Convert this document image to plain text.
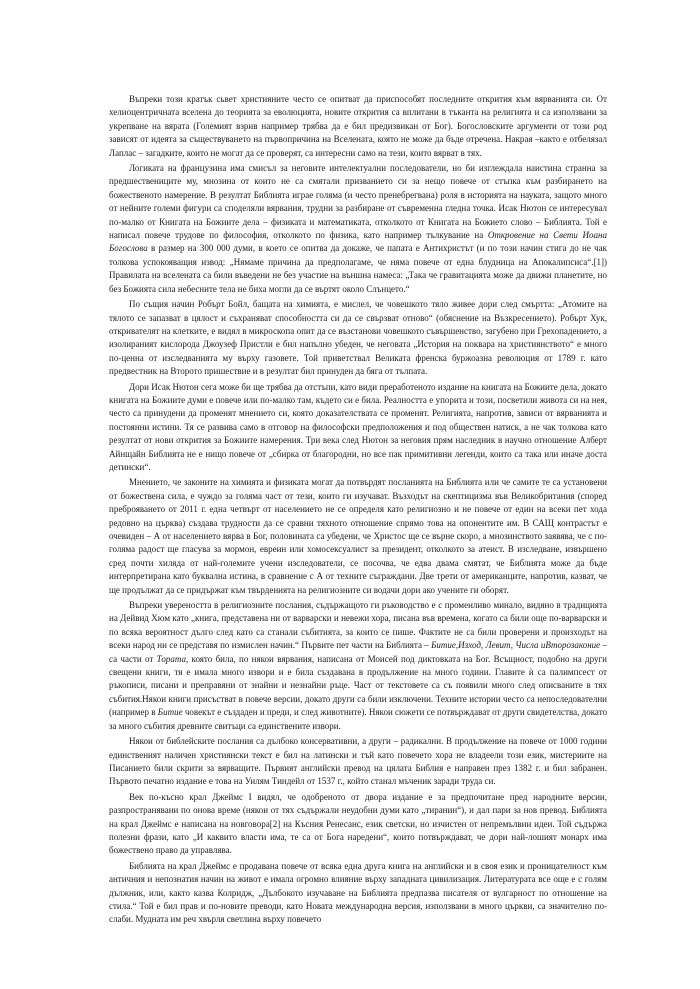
Въпреки този кратък сьвет християните често се опитват да приспособят последните открития към вярванията си. От хелиоцентричната вселена до теорията за еволюцията, новите открития са вплитани в тъканта на религията и са използвани за укрепване на вярата (Големият взрив например трябва да е бил предизвикан от Бог). Богословските аргументи от този род зависят от идеята за съществуването на първопричина на Вселената, която не може да бъде отречена. Накрая –както е отбелязал Лаплас – загадките, които не могат да се проверят, са интересни само на тези, които вярват в тях.

Логиката на французина има смисъл за неговите интелектуални последователи, но би изглеждала наистина странна за предшествениците му, мнозина от които не са смятали призванието си за нещо повече от стъпка към разбирането на божественото намерение. В резултат Библията играе голяма (и често пренебрегвана) роля в историята на науката, защото много от нейните големи фигури са споделяли вярвания, трудни за разбиране от съвременна гледна точка. Исак Нютон се интересувал по-малко от Книгата на Божиите дела – физиката и математиката, отколкото от Книгата на Божието слово – Библията. Той е написал повече трудове по философия, отколкото по физика, като например тълкувание на Откровение на Свети Иоана Богослова в размер на 300 000 думи, в което се опитва да докаже, че папата е Антихристът (и по този начин стига до не чак толкова успокояващия извод: „Нямаме причина да предполагаме, че няма повече от една блудница на Апокалипсиса“.[1]) Правилата на вселената са били въведени не без участие на външна намеса: „Така че гравитацията може да движи планетите, но без Божията сила небесните тела не биха могли да се въртят около Слънцето.“

По същия начин Робърт Бойл, бащата на химията, е мислел, че човешкото тяло живее дори след смъртта: „Атомите на тялото се запазват в цялост и съхраняват способността си да се свързват отново“ (обяснение на Възкресението). Робърт Хук, откривателят на клетките, е видял в микроскопа опит да се възстанови човешкото съвършенство, загубено при Грехопадението, а изолираният кислорода Джоузеф Пристли е бил напълно убеден, че неговата „История на поквара на християнството“ е много по-ценна от изследванията му върху газовете. Той приветствал Великата френска буржоазна революция от 1789 г. като предвестник на Второто пришествие и в резултат бил принуден да бяга от тълпата.

Дори Исак Нютон сега може би ще трябва да отстъпи, като види преработеното издание на книгата на Божиите дела, докато книгата на Божиите думи е повече или по-малко там, където си е била. Реалността е упорита и този, посветили живота си на нея, често са принудени да променят мнението си, която доказателствата се променят. Религията, напротив, зависи от вярванията и постоянни истини. Тя се развива само в отговор на философски предположения и под обществен натиск, а не чак толкова като резултат от нови открития за Божиите намерения. Три века след Нютон за неговия прям наследник в научно отношение Алберт Айнщайн Библията не е нищо повече от „сбирка от благородни, но все пак примитивни легенди, които са така или иначе доста детински“.

Мнението, че законите на химията и физиката могат да потвърдят посланията на Библията или че самите те са установени от божествена сила, е чуждо за голяма част от тези, които ги изучават. Възходът на скептицизма във Великобритания (според преброяването от 2011 г. една четвърт от населението не се определя като религиозно и не повече от един на всеки пет хода редовно на църква) създава трудности да се сравни тяхното отношение спрямо това на опонентите им. В САЩ контрастът е очевиден – А от населението вярва в Бог, половината са убедени, че Христос ще се върне скоро, а мнозинството заявява, че с по-голяма радост ще гласува за мормон, евреин или хомосексуалист за президент, отколкото за атеист. В изследване, извършено сред почти хиляда от най-големите учени изследователи, се посочва, че едва двама смятат, че Библията може да бъде интерпретирана като буквална истина, в сравнение с А от техните съграждани. Две трети от американците, напротив, казват, че ще продължат да се придържат към твърденията на религиозните си водачи дори ако учените ги оборят.

Въпреки увереността в религиозните послания, съдържащото ги ръководство е с променливо минало, видяно в традицията на Дейвид Хюм като „книга, представена ни от варварски и невежи хора, писана във времена, когато са били още по-варварски и по всяка вероятност дълго след като са станали събитията, за които се пише. Фактите не са били проверени и произходът на всеки народ ни се представя по измислен начин.“ Първите пет части на Библията – Битие,Изход, Левит, Числа иВторозаконие – са части от Тората, която била, по някои вярвания, написана от Моисей под диктовката на Бог. Всъщност, подобно на други свещени книги, тя е имала много извори и е била създавана в продължение на много години. Главите ѝ са палимпсест от ръкописи, писани и преправяни от знайни и незнайни ръце. Част от текстовете са съ появили много след описваните в тях събития.Някои книги присъстват в повече версии, докато други са били изключени. Техните истории често са непоследователни (например в Битие човекът е създаден и преди, и след животните). Някои сюжети се потвърждават от други свидетелства, докато за много събития древните свитъци са единствените извори.

Някои от библейските послания са дълбоко консервативни, а други – радикални. В продължение на повече от 1000 години единственият наличен християнски текст е бил на латински и тъй като повечето хора не владеели този език, мистериите на Писанието били скрити за вярващите. Първият английски превод на цялата Библия е направен през 1382 г. и бил забранен. Първото печатно издание е това на Уилям Тиндейл от 1537 г., който станал мъченик заради труда си.

Век по-късно крал Джеймс I видял, че одобреното от двора издание е за предпочитане пред народните версии, разпространявани по онова време (някои от тях съдържали неудобни думи като „тиранин“), и дал пари за нов превод. Библията на крал Джеймс е написана на новговора[2] на Късния Ренесанс, език светски, но изчистен от непремълвии идеи. Той съдържа полезни фрази, като „И каквито власти има, те са от Бога наредени“, които потвърждават, че дори най-лошият монарх има божествено право да управлява.

Библията на крал Джеймс е продавана повече от всяка една друга книга на английски и в своя език и проницателност към античния и непознатия начин на живот е имала огромно влияние върху западната цивилизация. Литературата все още е с голям дължник, или, както казва Колридж, „Дълбокото изучаване на Библията предпазва писателя от вулгарност по отношение на стила.“ Той е бил прав и по-новите преводи, като Новата международна версия, използвани в много църкви, са значително по-слаби. Мудната им реч хвърля светлина върху повечето
